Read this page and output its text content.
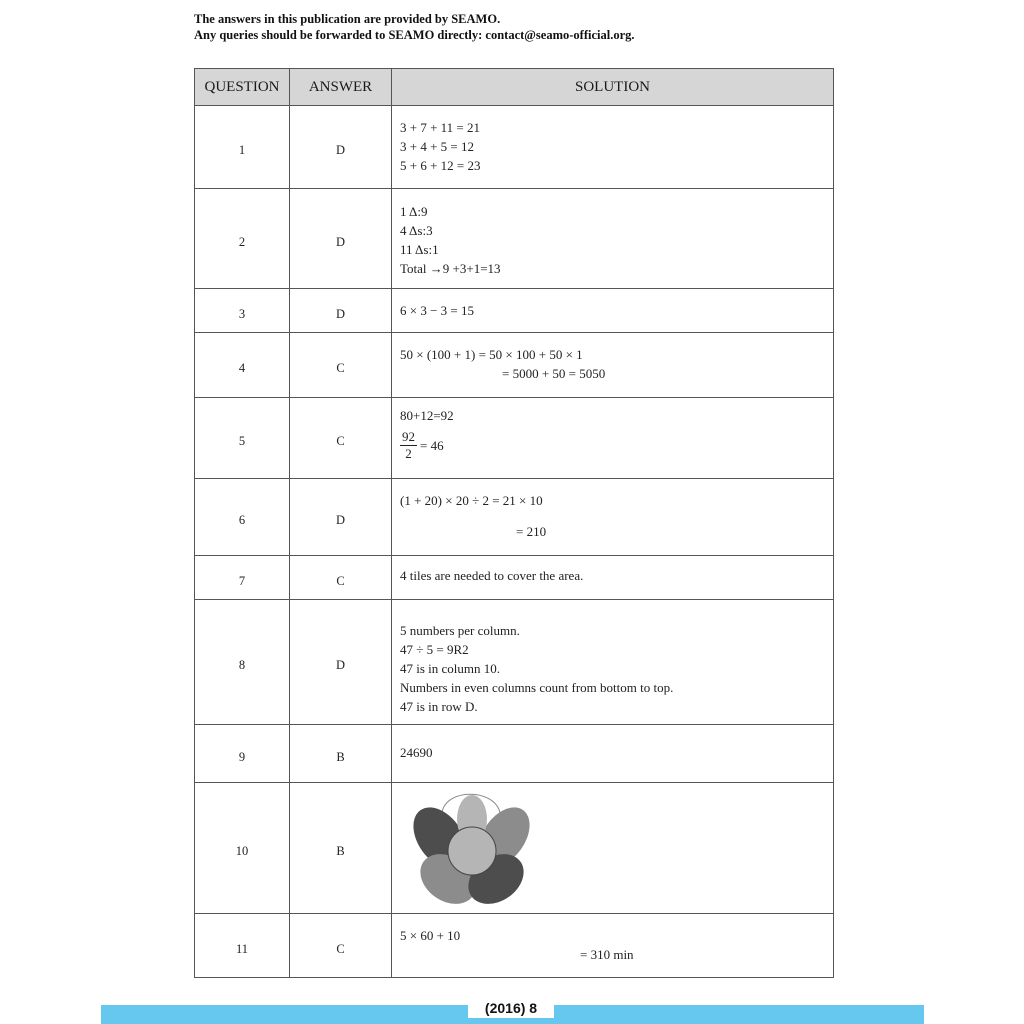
The answers in this publication are provided by SEAMO.
Any queries should be forwarded to SEAMO directly: contact@seamo-official.org.
QUESTION	ANSWER	SOLUTION
1	D	3 + 7 + 11 = 21
3 + 4 + 5 = 12
5 + 6 + 12 = 23

2	D	1 Δ:9
4 Δs:3
11 Δs:1
Total →9 +3+1=13

3	D	6 × 3 − 3 = 15

4	C	50 × (100 + 1) = 50 × 100 + 50 × 1
= 5000 + 50 = 5050

5	C	80+12=92
$\frac{92}{2} = 46$

6	D	(1 + 20) × 20 ÷ 2 = 21 × 10
= 210

7	C	4 tiles are needed to cover the area.

8	D	5 numbers per column.
47 ÷ 5 = 9R2
47 is in column 10.
Numbers in even columns count from bottom to top.
47 is in row D.

9	B	24690

10	B	

11	C	5 × 60 + 10
= 310 min
(2016) 8
